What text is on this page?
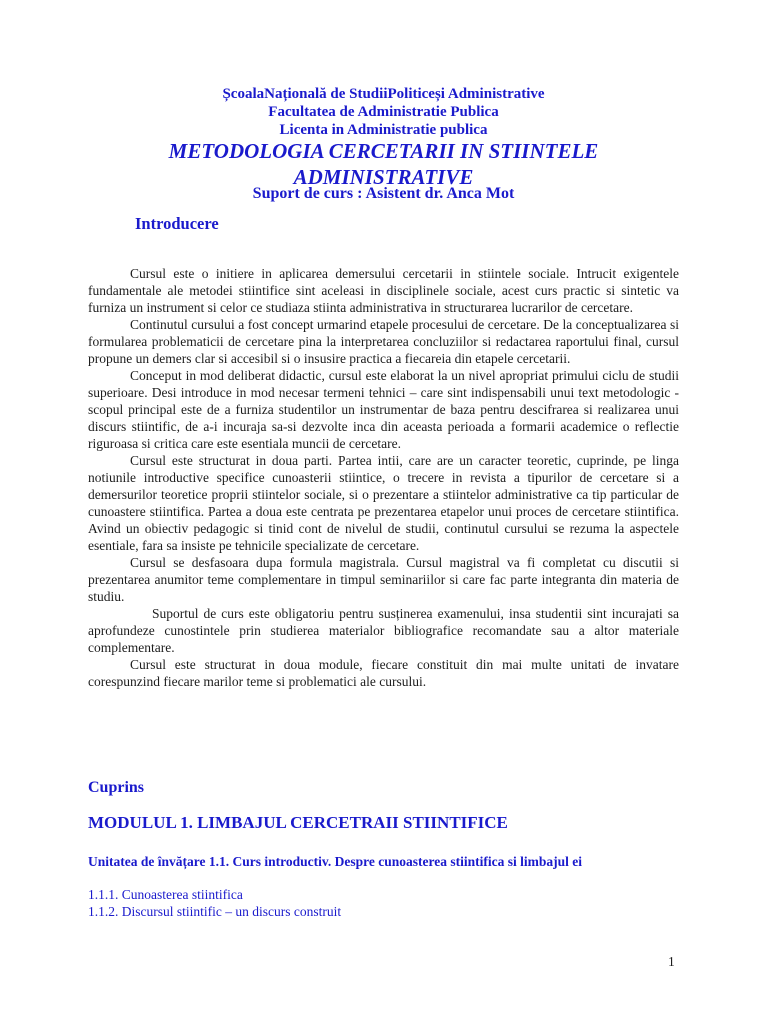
ȘcoalaNațională de StudiiPoliticeși Administrative
Facultatea de Administratie Publica
Licenta in Administratie publica
METODOLOGIA CERCETARII IN STIINTELE
ADMINISTRATIVE
Suport de curs : Asistent dr. Anca Mot
Introducere

Cursul este o initiere in aplicarea demersului cercetarii in stiintele sociale. Intrucit exigentele fundamentale ale metodei stiintifice sint aceleasi in disciplinele sociale, acest curs practic si sintetic va furniza un instrument si celor ce studiaza stiinta administrativa in structurarea lucrarilor de cercetare.

Continutul cursului a fost concept urmarind etapele procesului de cercetare. De la conceptualizarea si formularea problematicii de cercetare pina la interpretarea concluziilor si redactarea raportului final, cursul propune un demers clar si accesibil si o insusire practica a fiecareia din etapele cercetarii.

Conceput in mod deliberat didactic, cursul este elaborat la un nivel apropriat primului ciclu de studii superioare. Desi introduce in mod necesar termeni tehnici – care sint indispensabili unui text metodologic - scopul principal este de a furniza studentilor un instrumentar de baza pentru descifrarea si realizarea unui discurs stiintific, de a-i incuraja sa-si dezvolte inca din aceasta perioada a formarii academice o reflectie riguroasa si critica care este esentiala muncii de cercetare.

Cursul este structurat in doua parti. Partea intii, care are un caracter teoretic, cuprinde, pe linga notiunile introductive specifice cunoasterii stiintice, o trecere in revista a tipurilor de cercetare si a demersurilor teoretice proprii stiintelor sociale, si o prezentare a stiintelor administrative ca tip particular de cunoastere stiintifica. Partea a doua este centrata pe prezentarea etapelor unui proces de cercetare stiintifica. Avind un obiectiv pedagogic si tinid cont de nivelul de studii, continutul cursului se rezuma la aspectele esentiale, fara sa insiste pe tehnicile specializate de cercetare.

Cursul se desfasoara dupa formula magistrala. Cursul magistral va fi completat cu discutii si prezentarea anumitor teme complementare in timpul seminariilor si care fac parte integranta din materia de studiu.

Suportul de curs este obligatoriu pentru susținerea examenului, insa studentii sint incurajati sa aprofundeze cunostintele prin studierea materialor bibliografice recomandate sau a altor materiale complementare.

Cursul este structurat in doua module, fiecare constituit din mai multe unitati de invatare corespunzind fiecare marilor teme si problematici ale cursului.

Cuprins
MODULUL 1. LIMBAJUL CERCETRAII STIINTIFICE
Unitatea de învățare 1.1. Curs introductiv. Despre cunoasterea stiintifica si limbajul ei
1.1.1. Cunoasterea stiintifica
1.1.2. Discursul stiintific – un discurs construit
1
